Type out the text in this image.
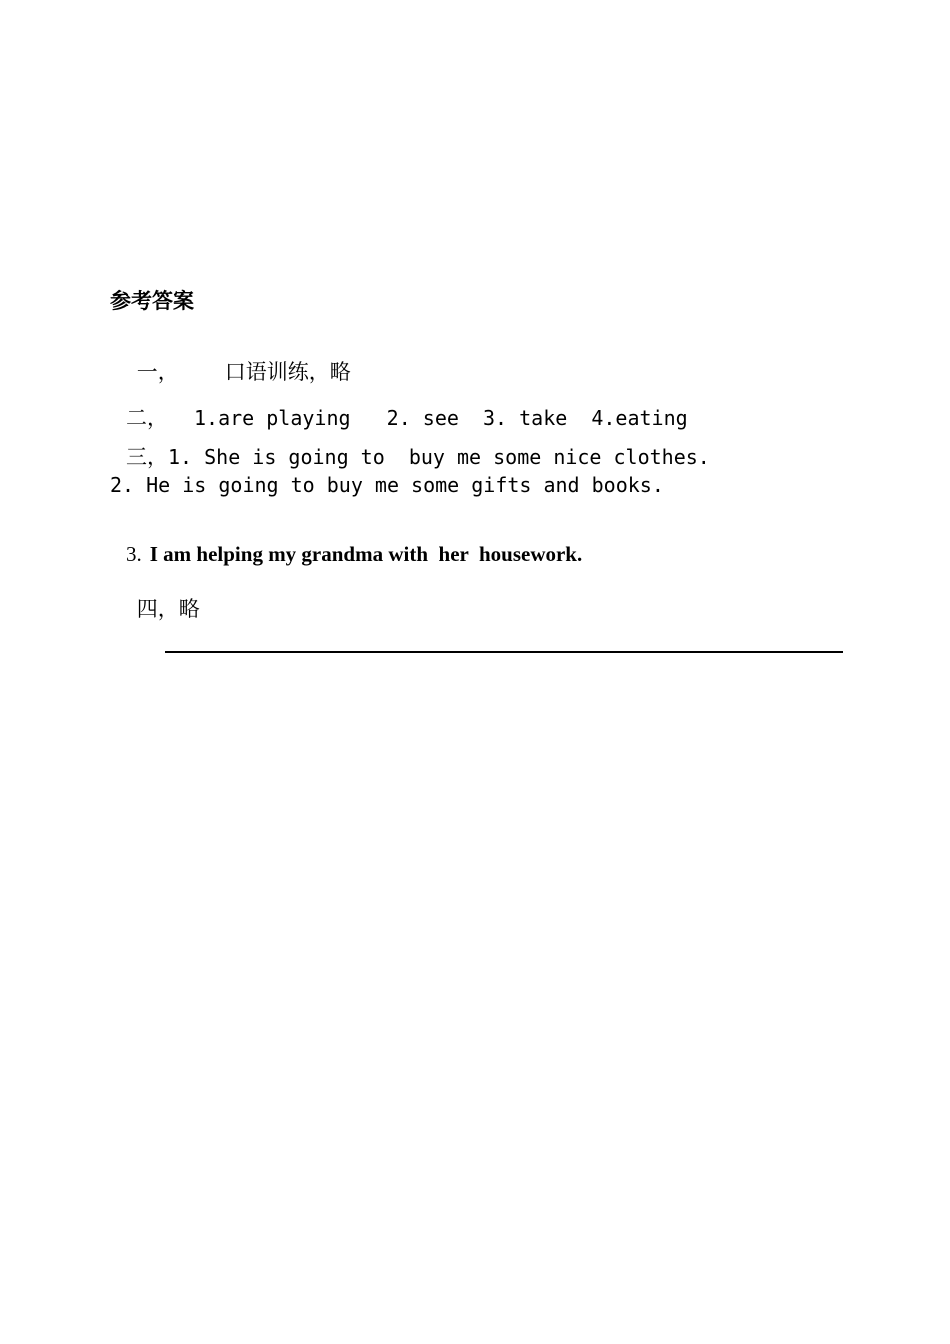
参考答案

一， 口语训练，略

二， 1.are playing   2. see  3. take  4.eating

三，1. She is going to  buy me some nice clothes.

2. He is going to buy me some gifts and books.

3. I am helping my grandma with  her  housework.

四，略
